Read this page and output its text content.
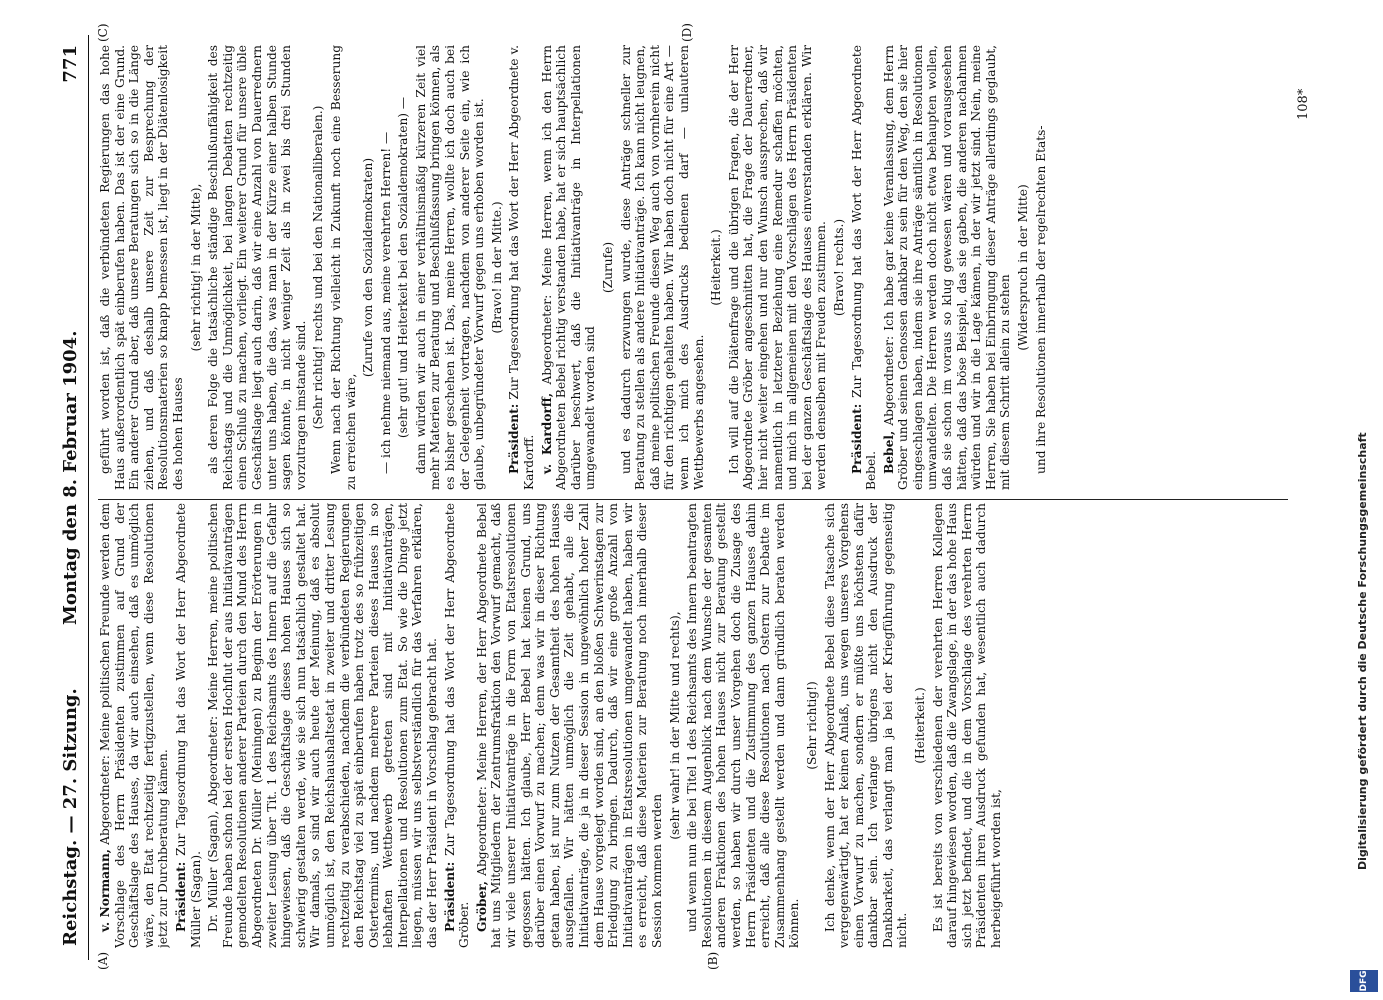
Reichstag. — 27. Sitzung.
Montag den 8. Februar 1904.
771
(A)	(B)
(C)	(D)
v. Normann, Abgeordneter: Meine politischen Freunde werden dem Vorschlage des Herrn Präsidenten zustimmen auf Grund der Geschäftslage des Hauses, da wir auch einsehen, daß es unmöglich wäre, den Etat rechtzeitig fertigzustellen, wenn diese Resolutionen jetzt zur Durchberatung kämen. Präsident: Zur Tagesordnung hat das Wort der Herr Abgeordnete Müller (Sagan). Dr. Müller (Sagan), Abgeordneter: Meine Herren, meine politischen Freunde haben schon bei der ersten Hochflut der aus Initiativanträgen gemodelten Resolutionen anderer Parteien durch den Mund des Herrn Abgeordneten Dr. Müller (Meiningen) zu Beginn der Erörterungen in zweiter Lesung über Tit. 1 des Reichsamts des Innern auf die Gefahr hingewiesen, daß die Geschäftslage dieses hohen Hauses sich so schwierig gestalten werde, wie sie sich nun tatsächlich gestaltet hat. Wir damals, so sind wir auch heute der Meinung, daß es absolut unmöglich ist, den Reichshaushaltsetat in zweiter und dritter Lesung rechtzeitig zu verabschieden, nachdem die verbündeten Regierungen den Reichstag viel zu spät einberufen haben trotz des so frühzeitigen Ostertermins, und nachdem mehrere Parteien dieses Hauses in so lebhaften Wettbewerb getreten sind mit Initiativanträgen, Interpellationen und Resolutionen zum Etat. So wie die Dinge jetzt liegen, müssen wir uns selbstverständlich für das Verfahren erklären, das der Herr Präsident in Vorschlag gebracht hat. Präsident: Zur Tagesordnung hat das Wort der Herr Abgeordnete Gröber. Gröber, Abgeordneter: Meine Herren, der Herr Abgeordnete Bebel hat uns Mitgliedern der Zentrumsfraktion den Vorwurf gemacht, daß wir viele unserer Initiativanträge in die Form von Etatsresolutionen gegossen hätten. Ich glaube, Herr Bebel hat keinen Grund, uns darüber einen Vorwurf zu machen; denn was wir in dieser Richtung getan haben, ist nur zum Nutzen der Gesamtheit des hohen Hauses ausgefallen. Wir hätten unmöglich die Zeit gehabt, alle die Initiativanträge, die ja in dieser Session in ungewöhnlich hoher Zahl dem Hause vorgelegt worden sind, an den bloßen Schwerinstagen zur Erledigung zu bringen. Dadurch, daß wir eine große Anzahl von Initiativanträgen in Etatsresolutionen umgewandelt haben, haben wir es erreicht, daß diese Materien zur Beratung noch innerhalb dieser Session kommen werden
(sehr wahr! in der Mitte und rechts), und wenn nun die bei Titel 1 des Reichsamts des Innern beantragten Resolutionen in diesem Augenblick nach dem Wunsche der gesamten anderen Fraktionen des hohen Hauses nicht zur Beratung gestellt werden, so haben wir durch unser Vorgehen doch die Zusage des Herrn Präsidenten und die Zustimmung des ganzen Hauses dahin erreicht, daß alle diese Resolutionen nach Ostern zur Debatte im Zusammenhang gestellt werden und dann gründlich beraten werden können.
(Sehr richtig!) Ich denke, wenn der Herr Abgeordnete Bebel diese Tatsache sich vergegenwärtigt, hat er keinen Anlaß, uns wegen unseres Vorgehens einen Vorwurf zu machen, sondern er müßte uns höchstens dafür dankbar sein. Ich verlange übrigens nicht den Ausdruck der Dankbarkeit, das verlangt man ja bei der Kriegführung gegenseitig nicht.
(Heiterkeit.) Es ist bereits von verschiedenen der verehrten Herren Kollegen darauf hingewiesen worden, daß die Zwangslage, in der das hohe Haus sich jetzt befindet, und die in dem Vorschlage des verehrten Herrn Präsidenten ihren Ausdruck gefunden hat, wesentlich auch dadurch herbeigeführt worden ist,
geführt worden ist, daß die verbündeten Regierungen das hohe Haus außerordentlich spät einberufen haben. Das ist der eine Grund. Ein anderer Grund aber, daß unsere Beratungen sich so in die Länge ziehen, und daß deshalb unsere Zeit zur Besprechung der Resolutionsmaterien so knapp bemessen ist, liegt in der Diätenlosigkeit des hohen Hauses
(sehr richtig! in der Mitte), als deren Folge die tatsächliche ständige Beschlußunfähigkeit des Reichstags und die Unmöglichkeit, bei langen Debatten rechtzeitig einen Schluß zu machen, vorliegt. Ein weiterer Grund für unsere üble Geschäftslage liegt auch darin, daß wir eine Anzahl von Dauerrednern unter uns haben, die das, was man in der Kürze einer halben Stunde sagen könnte, in nicht weniger Zeit als in zwei bis drei Stunden vorzutragen imstande sind. (Sehr richtig! rechts und bei den Nationalliberalen.) Wenn nach der Richtung vielleicht in Zukunft noch eine Besserung zu erreichen wäre,
(Zurufe von den Sozialdemokraten) — ich nehme niemand aus, meine verehrten Herren! — (sehr gut! und Heiterkeit bei den Sozialdemokraten) — dann würden wir auch in einer verhältnismäßig kürzeren Zeit viel mehr Materien zur Beratung und Beschlußfassung bringen können, als es bisher geschehen ist. Das, meine Herren, wollte ich doch auch bei der Gelegenheit vortragen, nachdem von anderer Seite ein, wie ich glaube, unbegründeter Vorwurf gegen uns erhoben worden ist. (Bravo! in der Mitte.)
Präsident: Zur Tagesordnung hat das Wort der Herr Abgeordnete v. Kardorff. v. Kardorff, Abgeordneter: Meine Herren, wenn ich den Herrn Abgeordneten Bebel richtig verstanden habe, hat er sich hauptsächlich darüber beschwert, daß die Initiativanträge in Interpellationen umgewandelt worden sind
(Zurufe) und es dadurch erzwungen wurde, diese Anträge schneller zur Beratung zu stellen als andere Initiativanträge. Ich kann nicht leugnen, daß meine politischen Freunde diesen Weg auch von vornherein nicht für den richtigen gehalten haben. Wir haben doch nicht für eine Art — wenn ich mich des Ausdrucks bedienen darf — unlauteren Wettbewerbs angesehen.
(Heiterkeit.) Ich will auf die Diätenfrage und die übrigen Fragen, die der Herr Abgeordnete Gröber angeschnitten hat, die Frage der Dauerredner, hier nicht weiter eingehen und nur den Wunsch aussprechen, daß wir namentlich in letzterer Beziehung eine Remedur schaffen möchten, und mich im allgemeinen mit den Vorschlägen des Herrn Präsidenten bei der ganzen Geschäftslage des Hauses einverstanden erklären. Wir werden denselben mit Freuden zustimmen. (Bravo! rechts.)
Präsident: Zur Tagesordnung hat das Wort der Herr Abgeordnete Bebel. Bebel, Abgeordneter: Ich habe gar keine Veranlassung, dem Herrn Gröber und seinen Genossen dankbar zu sein für den Weg, den sie hier eingeschlagen haben, indem sie ihre Anträge sämtlich in Resolutionen umwandelten. Die Herren werden doch nicht etwa behaupten wollen, daß sie schon im voraus so klug gewesen wären und vorausgesehen hätten, daß das böse Beispiel, das sie gaben, die anderen nachahmen würden und wir in die Lage kämen, in der wir jetzt sind. Nein, meine Herren, Sie haben bei Einbringung dieser Anträge allerdings geglaubt, mit diesem Schritt allein zu stehen
(Widerspruch in der Mitte) und ihre Resolutionen innerhalb der regelrechten Etats-
108*
DFG
Digitalisierung gefördert durch die Deutsche Forschungsgemeinschaft
